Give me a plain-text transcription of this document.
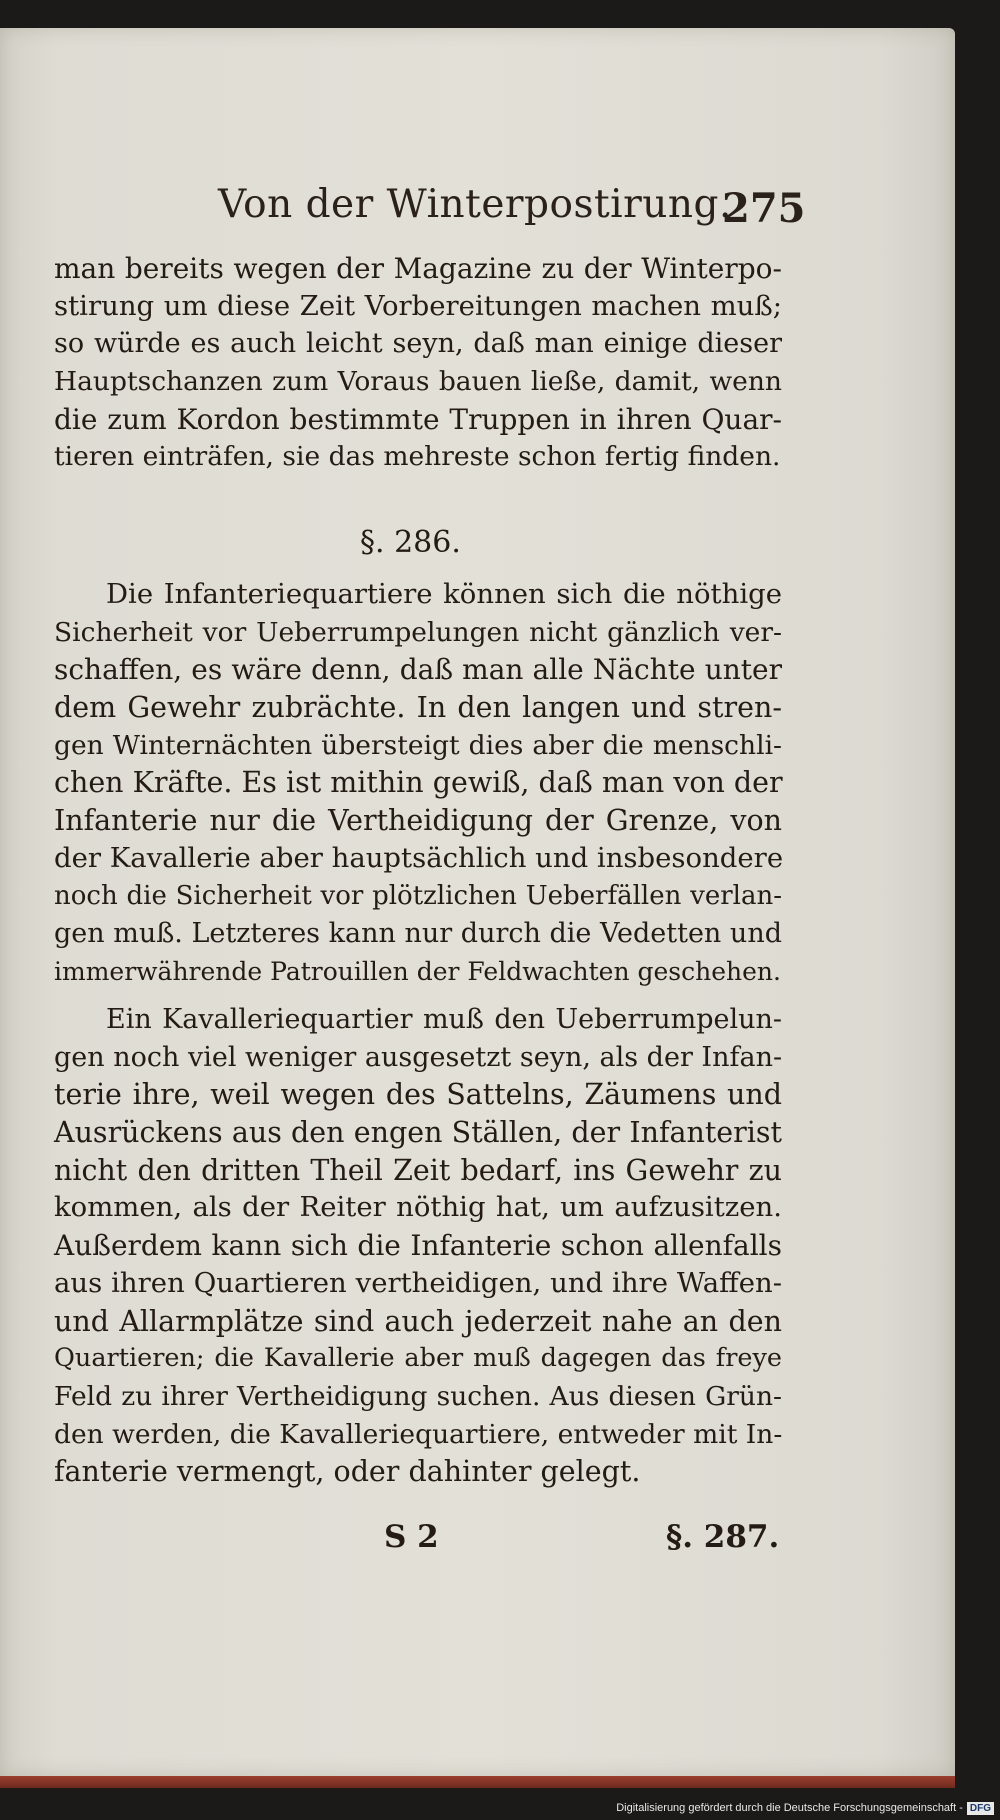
Von der Winterpostirung.
275
man bereits wegen der Magazine zu der Winterpo-
stirung um diese Zeit Vorbereitungen machen muß;
so würde es auch leicht seyn, daß man einige dieser
Hauptschanzen zum Voraus bauen ließe, damit, wenn
die zum Kordon bestimmte Truppen in ihren Quar-
tieren einträfen, sie das mehreste schon fertig finden.
§. 286.
Die Infanteriequartiere können sich die nöthige
Sicherheit vor Ueberrumpelungen nicht gänzlich ver-
schaffen, es wäre denn, daß man alle Nächte unter
dem Gewehr zubrächte. In den langen und stren-
gen Winternächten übersteigt dies aber die menschli-
chen Kräfte. Es ist mithin gewiß, daß man von der
Infanterie nur die Vertheidigung der Grenze, von
der Kavallerie aber hauptsächlich und insbesondere
noch die Sicherheit vor plötzlichen Ueberfällen verlan-
gen muß. Letzteres kann nur durch die Vedetten und
immerwährende Patrouillen der Feldwachten geschehen.
Ein Kavalleriequartier muß den Ueberrumpelun-
gen noch viel weniger ausgesetzt seyn, als der Infan-
terie ihre, weil wegen des Sattelns, Zäumens und
Ausrückens aus den engen Ställen, der Infanterist
nicht den dritten Theil Zeit bedarf, ins Gewehr zu
kommen, als der Reiter nöthig hat, um aufzusitzen.
Außerdem kann sich die Infanterie schon allenfalls
aus ihren Quartieren vertheidigen, und ihre Waffen-
und Allarmplätze sind auch jederzeit nahe an den
Quartieren; die Kavallerie aber muß dagegen das freye
Feld zu ihrer Vertheidigung suchen. Aus diesen Grün-
den werden, die Kavalleriequartiere, entweder mit In-
fanterie vermengt, oder dahinter gelegt.
S 2	§. 287.
Digitalisierung gefördert durch die Deutsche Forschungsgemeinschaft - DFG
